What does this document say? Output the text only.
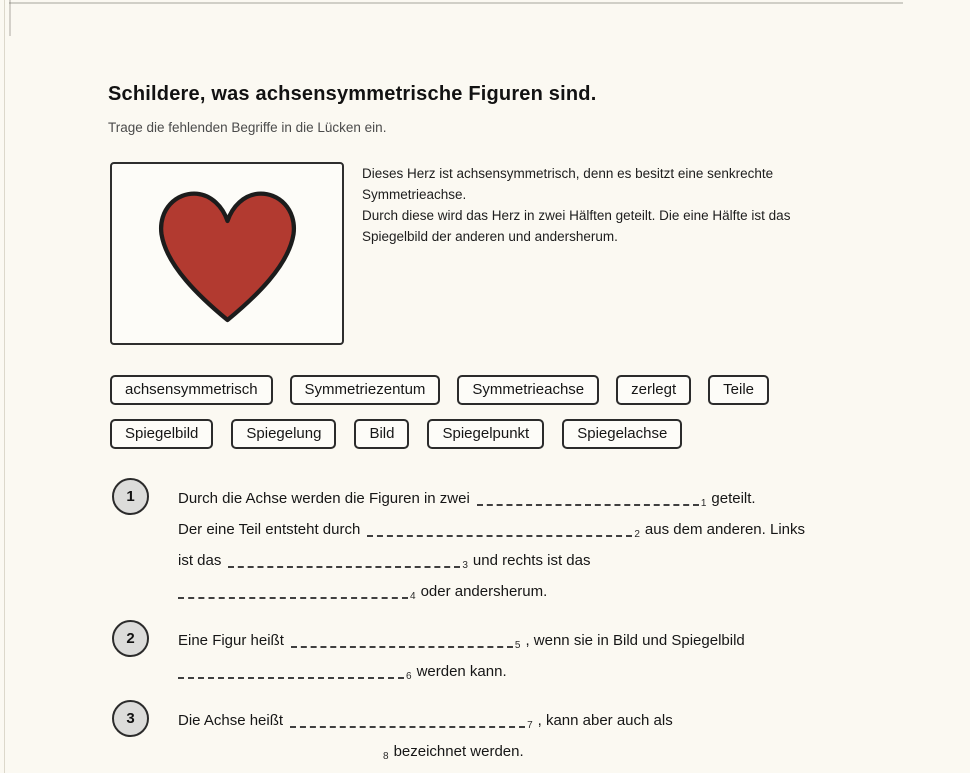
Schildere, was achsensymmetrische Figuren sind.
Trage die fehlenden Begriffe in die Lücken ein.
Dieses Herz ist achsensymmetrisch, denn es besitzt eine senkrechte
Symmetrieachse.
Durch diese wird das Herz in zwei Hälften geteilt. Die eine Hälfte ist das
Spiegelbild der anderen und andersherum.
achsensymmetrisch	Symmetriezentum	Symmetrieachse	zerlegt	Teile
Spiegelbild	Spiegelung	Bild	Spiegelpunkt	Spiegelachse
1	Durch die Achse werden die Figuren in zwei	$_1$ geteilt.
Der eine Teil entsteht durch	$_2$ aus dem anderen. Links
ist das	$_3$ und rechts ist das
$_4$ oder andersherum.
2	Eine Figur heißt	$_5$ , wenn sie in Bild und Spiegelbild
$_6$ werden kann.
3	Die Achse heißt	$_7$ , kann aber auch als
$_8$ bezeichnet werden.
